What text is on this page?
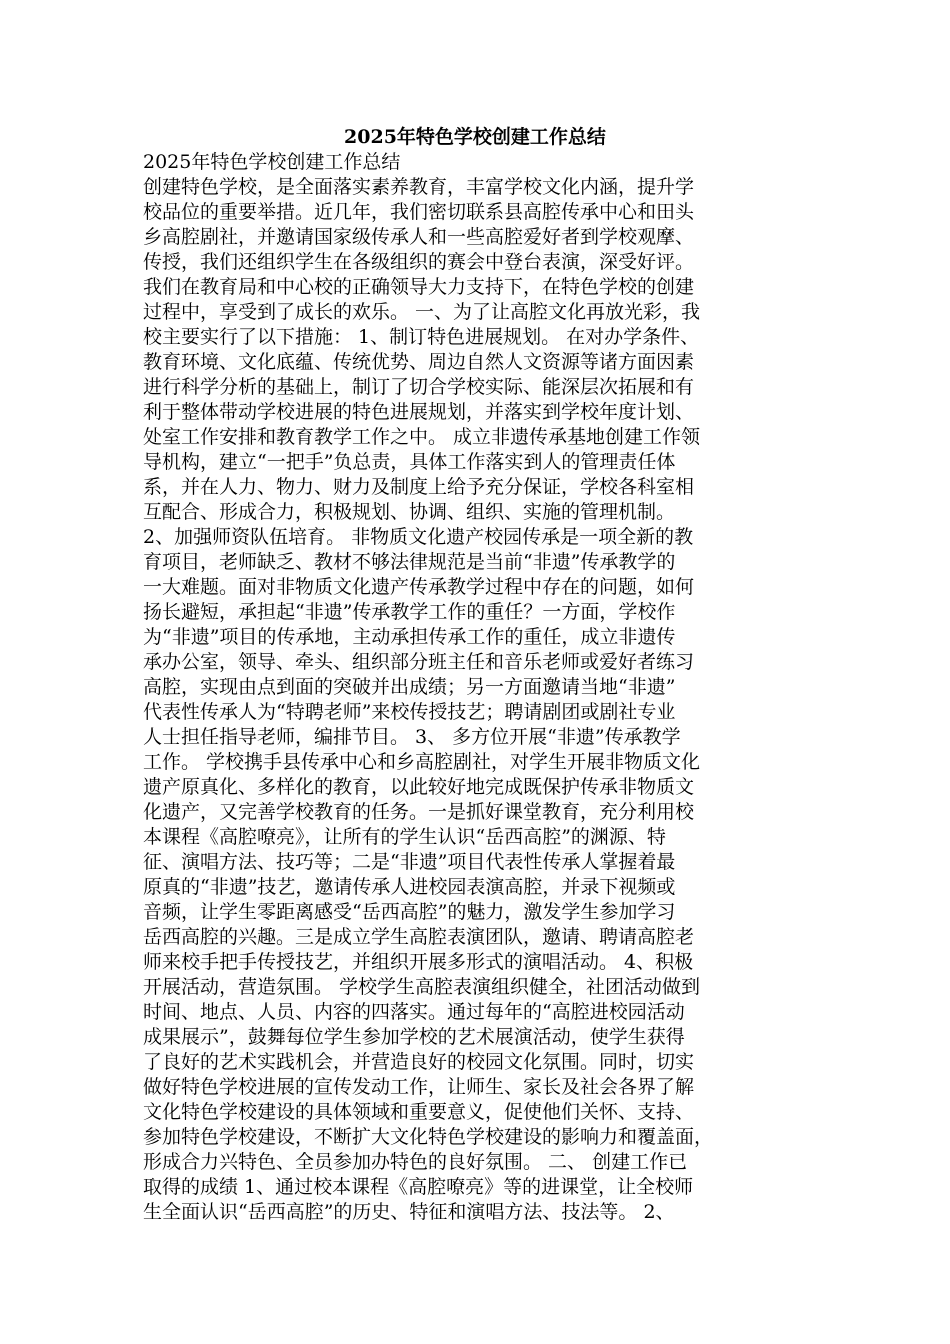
2025年特色学校创建工作总结
2025年特色学校创建工作总结
创建特色学校，是全面落实素养教育，丰富学校文化内涵，提升学
校品位的重要举措。近几年，我们密切联系县高腔传承中心和田头
乡高腔剧社，并邀请国家级传承人和一些高腔爱好者到学校观摩、
传授，我们还组织学生在各级组织的赛会中登台表演，深受好评。
我们在教育局和中心校的正确领导大力支持下，在特色学校的创建
过程中，享受到了成长的欢乐。 一、为了让高腔文化再放光彩，我
校主要实行了以下措施： 1、制订特色进展规划。 在对办学条件、
教育环境、文化底蕴、传统优势、周边自然人文资源等诸方面因素
进行科学分析的基础上，制订了切合学校实际、能深层次拓展和有
利于整体带动学校进展的特色进展规划，并落实到学校年度计划、
处室工作安排和教育教学工作之中。 成立非遗传承基地创建工作领
导机构，建立“一把手”负总责，具体工作落实到人的管理责任体
系，并在人力、物力、财力及制度上给予充分保证，学校各科室相
互配合、形成合力，积极规划、协调、组织、实施的管理机制。
2、加强师资队伍培育。 非物质文化遗产校园传承是一项全新的教
育项目，老师缺乏、教材不够法律规范是当前“非遗”传承教学的
一大难题。面对非物质文化遗产传承教学过程中存在的问题，如何
扬长避短，承担起“非遗”传承教学工作的重任？一方面，学校作
为“非遗”项目的传承地，主动承担传承工作的重任，成立非遗传
承办公室，领导、牵头、组织部分班主任和音乐老师或爱好者练习
高腔，实现由点到面的突破并出成绩；另一方面邀请当地“非遗”
代表性传承人为“特聘老师”来校传授技艺；聘请剧团或剧社专业
人士担任指导老师，编排节目。 3、 多方位开展“非遗”传承教学
工作。 学校携手县传承中心和乡高腔剧社，对学生开展非物质文化
遗产原真化、多样化的教育，以此较好地完成既保护传承非物质文
化遗产，又完善学校教育的任务。一是抓好课堂教育，充分利用校
本课程《高腔嘹亮》，让所有的学生认识“岳西高腔”的渊源、特
征、演唱方法、技巧等；二是“非遗”项目代表性传承人掌握着最
原真的“非遗”技艺，邀请传承人进校园表演高腔，并录下视频或
音频，让学生零距离感受“岳西高腔”的魅力，激发学生参加学习
岳西高腔的兴趣。三是成立学生高腔表演团队，邀请、聘请高腔老
师来校手把手传授技艺，并组织开展多形式的演唱活动。 4、积极
开展活动，营造氛围。 学校学生高腔表演组织健全，社团活动做到
时间、地点、人员、内容的四落实。通过每年的“高腔进校园活动
成果展示”，鼓舞每位学生参加学校的艺术展演活动，使学生获得
了良好的艺术实践机会，并营造良好的校园文化氛围。同时，切实
做好特色学校进展的宣传发动工作，让师生、家长及社会各界了解
文化特色学校建设的具体领域和重要意义，促使他们关怀、支持、
参加特色学校建设，不断扩大文化特色学校建设的影响力和覆盖面，
形成合力兴特色、全员参加办特色的良好氛围。 二、 创建工作已
取得的成绩 1、通过校本课程《高腔嘹亮》等的进课堂，让全校师
生全面认识“岳西高腔”的历史、特征和演唱方法、技法等。 2、
